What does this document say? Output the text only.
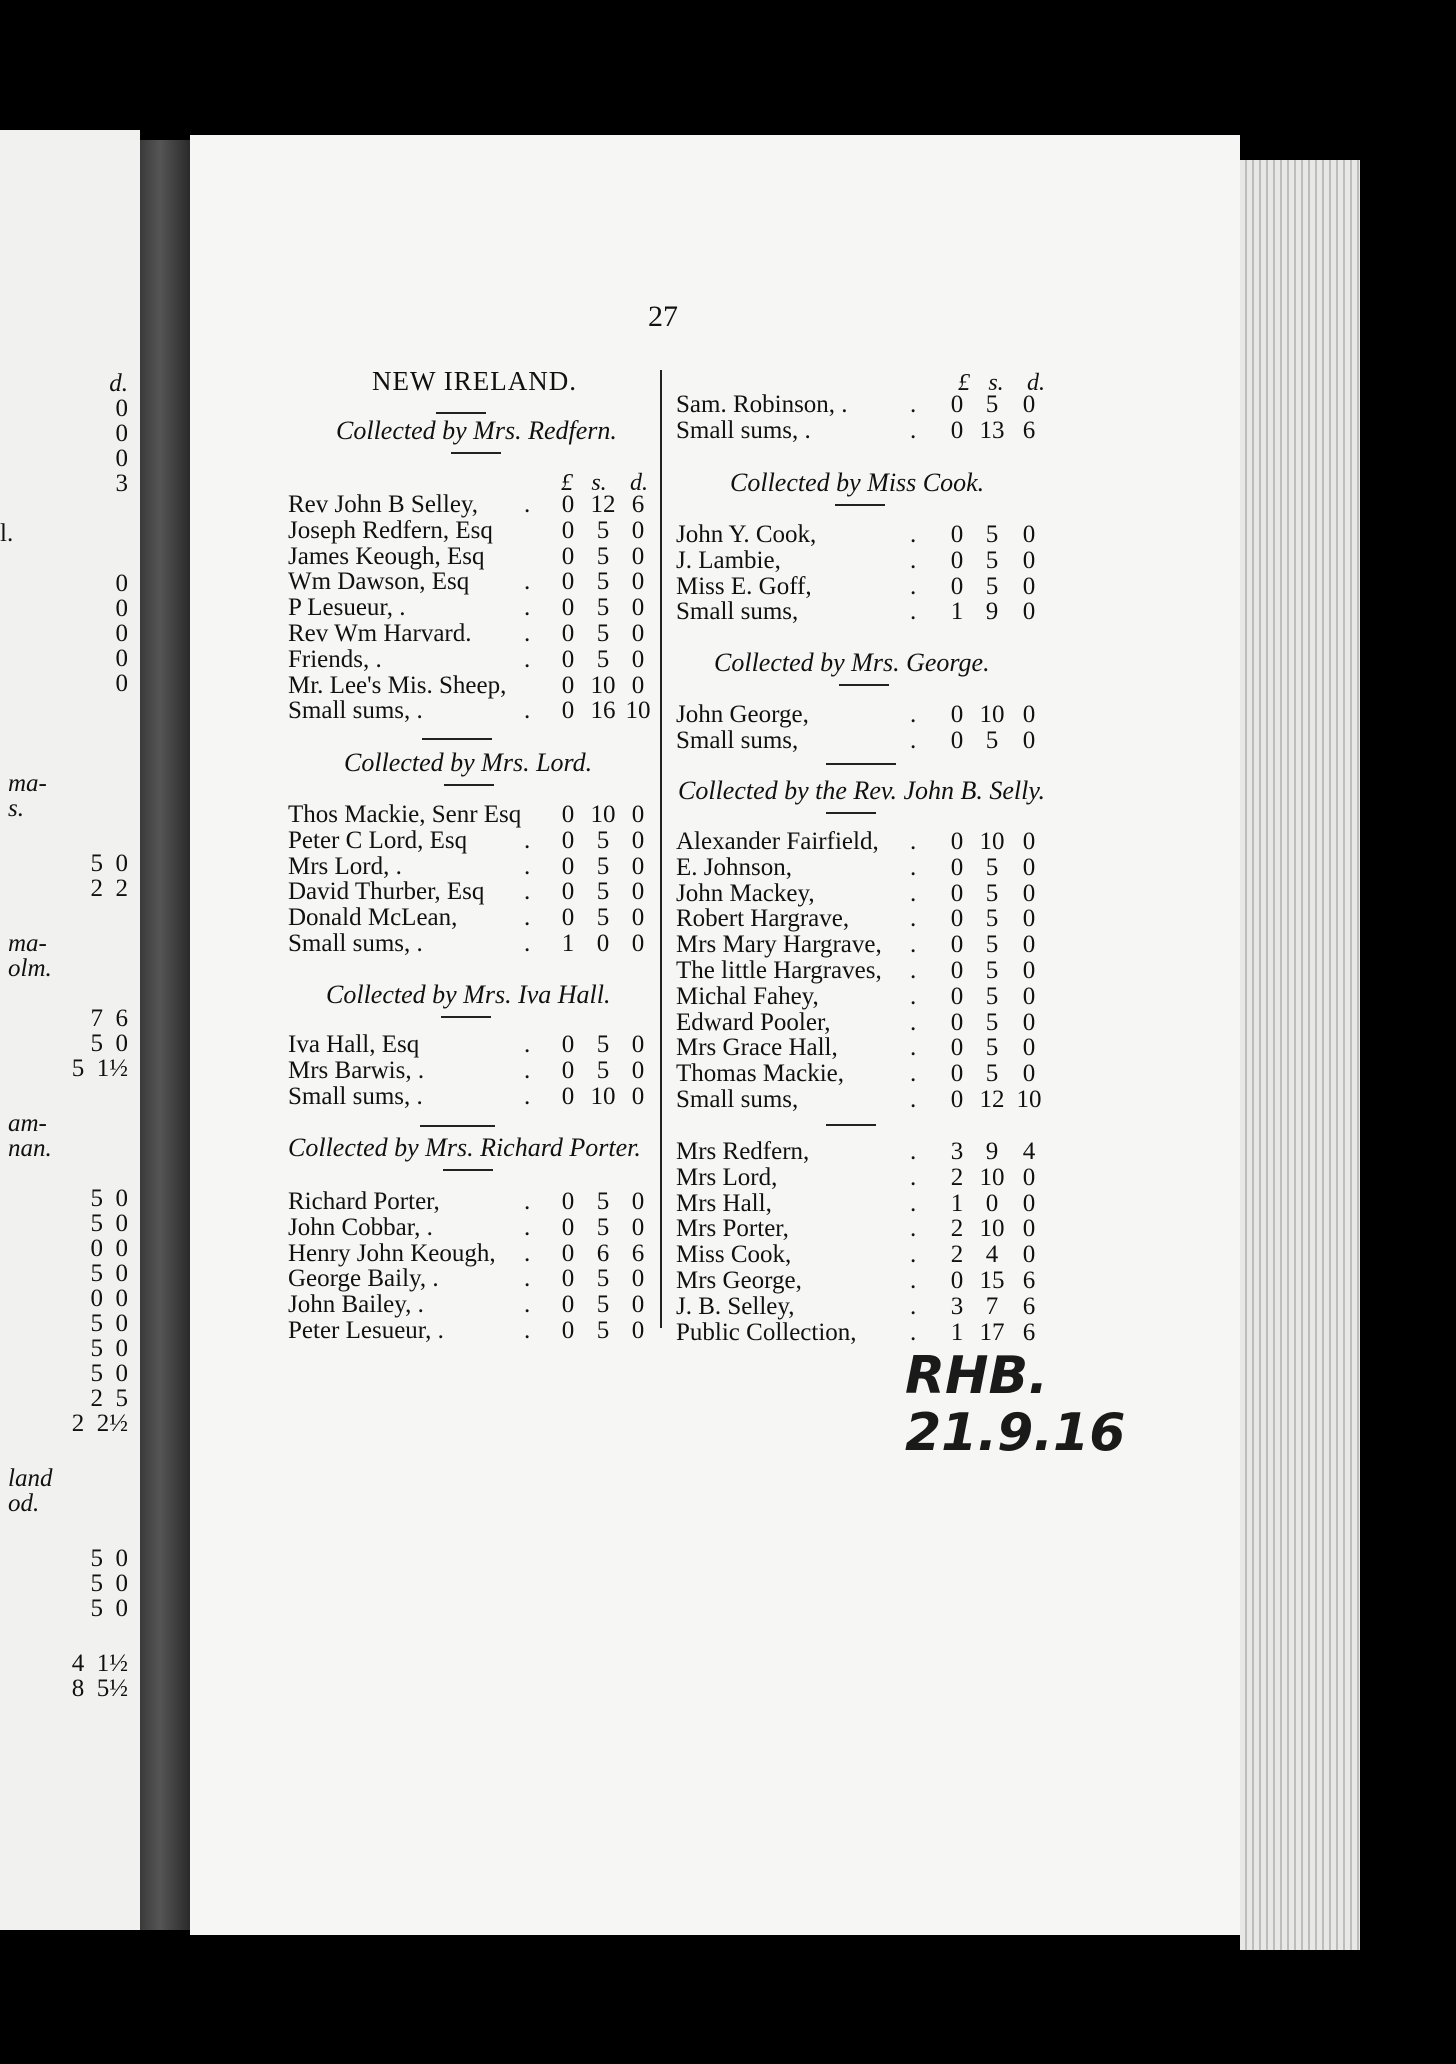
d.
0
0
0
3
l.
0
0
0
0
0
ma-
s.
5  0
2  2
ma-
olm.
7  6
5  0
5  1½
am-
nan.
5  0
5  0
0  0
5  0
0  0
5  0
5  0
5  0
2  5
2  2½
land
od.
5  0
5  0
5  0
4  1½
8  5½
27
NEW IRELAND.
Collected by Mrs. Redfern.
£ s. d.
Rev John B Selley, .	0 12 6
Joseph Redfern, Esq	0 5 0
James Keough, Esq	0 5 0
Wm Dawson, Esq .	0 5 0
P Lesueur, .	.	0 5 0
Rev Wm Harvard. .	0 5 0
Friends, .	.	0 5 0
Mr. Lee's Mis. Sheep,	0 10 0
Small sums, .	.	0 16 10
Collected by Mrs. Lord.
Thos Mackie, Senr Esq	0 10 0
Peter C Lord, Esq .	0 5 0
Mrs Lord, .	.	0 5 0
David Thurber, Esq .	0 5 0
Donald McLean,	.	0 5 0
Small sums, .	.	1 0 0
Collected by Mrs. Iva Hall.
Iva Hall, Esq	.	0 5 0
Mrs Barwis, .	.	0 5 0
Small sums, .	.	0 10 0
Collected by Mrs. Richard Porter.
Richard Porter,	.	0 5 0
John Cobbar, .	.	0 5 0
Henry John Keough, .	0 6 6
George Baily, .	.	0 5 0
John Bailey, .	.	0 5 0
Peter Lesueur, .	.	0 5 0
£ s. d.
Sam. Robinson, . .	0 5 0
Small sums, .	.	0 13 6
Collected by Miss Cook.
John Y. Cook,	.	0 5 0
J. Lambie,	.	0 5 0
Miss E. Goff,	.	0 5 0
Small sums,	.	1 9 0
Collected by Mrs. George.
John George,	.	0 10 0
Small sums,	.	0 5 0
Collected by the Rev. John B. Selly.
Alexander Fairfield, .	0 10 0
E. Johnson,	.	0 5 0
John Mackey,	.	0 5 0
Robert Hargrave, .	0 5 0
Mrs Mary Hargrave, .	0 5 0
The little Hargraves, .	0 5 0
Michal Fahey,	.	0 5 0
Edward Pooler,	.	0 5 0
Mrs Grace Hall,	.	0 5 0
Thomas Mackie,	.	0 5 0
Small sums,	.	0 12 10
Mrs Redfern,	.	3 9 4
Mrs Lord,	.	2 10 0
Mrs Hall,	.	1 0 0
Mrs Porter,	.	2 10 0
Miss Cook,	.	2 4 0
Mrs George,	.	0 15 6
J. B. Selley,	.	3 7 6
Public Collection, .	1 17 6
RHB.
21.9.16
